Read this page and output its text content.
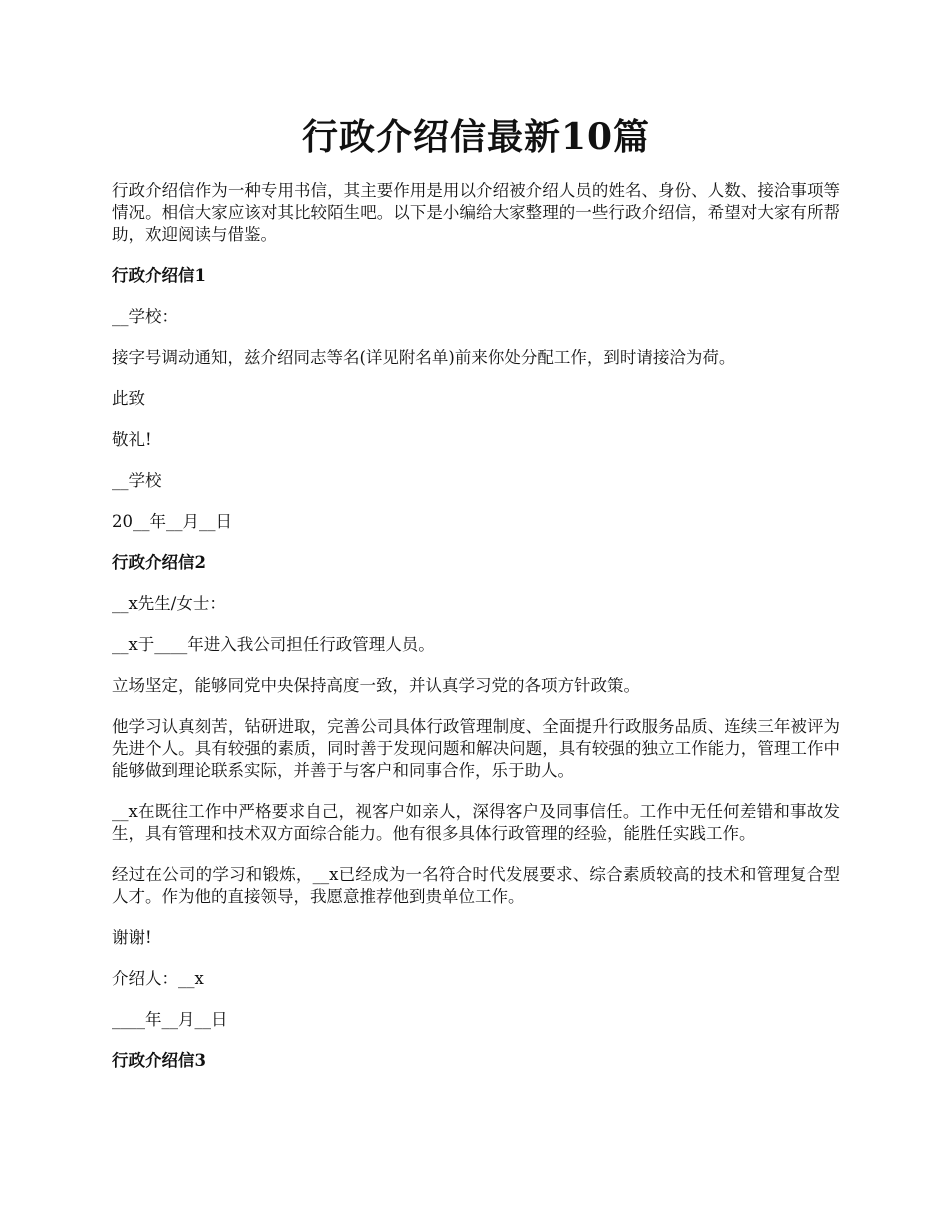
行政介绍信最新10篇

行政介绍信作为一种专用书信，其主要作用是用以介绍被介绍人员的姓名、身份、人数、接洽事项等情况。相信大家应该对其比较陌生吧。以下是小编给大家整理的一些行政介绍信，希望对大家有所帮助，欢迎阅读与借鉴。

行政介绍信1

__学校：

接字号调动通知，兹介绍同志等名(详见附名单)前来你处分配工作，到时请接洽为荷。

此致

敬礼!

__学校

20__年__月__日

行政介绍信2

__x先生/女士：

__x于____年进入我公司担任行政管理人员。

立场坚定，能够同党中央保持高度一致，并认真学习党的各项方针政策。

他学习认真刻苦，钻研进取，完善公司具体行政管理制度、全面提升行政服务品质、连续三年被评为先进个人。具有较强的素质，同时善于发现问题和解决问题，具有较强的独立工作能力，管理工作中能够做到理论联系实际，并善于与客户和同事合作，乐于助人。

__x在既往工作中严格要求自己，视客户如亲人，深得客户及同事信任。工作中无任何差错和事故发生，具有管理和技术双方面综合能力。他有很多具体行政管理的经验，能胜任实践工作。

经过在公司的学习和锻炼，__x已经成为一名符合时代发展要求、综合素质较高的技术和管理复合型人才。作为他的直接领导，我愿意推荐他到贵单位工作。

谢谢!

介绍人：__x

____年__月__日

行政介绍信3
